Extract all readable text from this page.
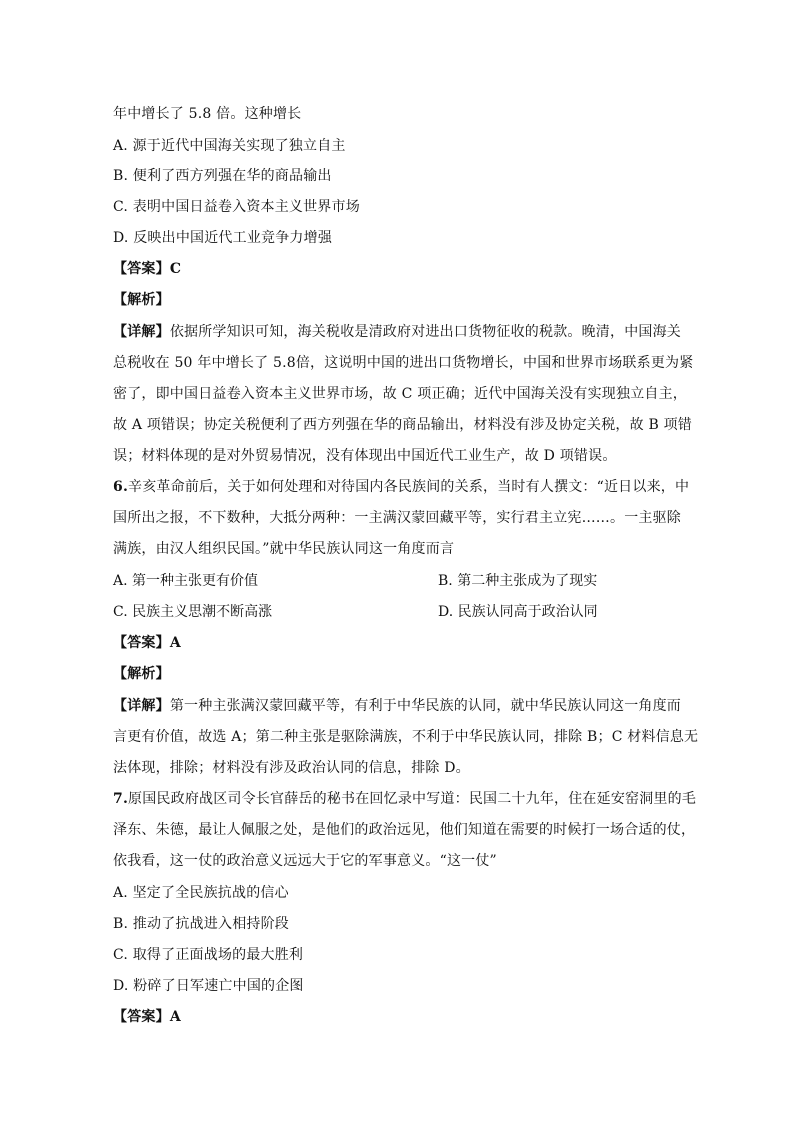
年中增长了 5.8 倍。这种增长
A. 源于近代中国海关实现了独立自主
B. 便利了西方列强在华的商品输出
C. 表明中国日益卷入资本主义世界市场
D. 反映出中国近代工业竞争力增强
【答案】C
【解析】
【详解】依据所学知识可知，海关税收是清政府对进出口货物征收的税款。晚清，中国海关
总税收在 50 年中增长了 5.8倍，这说明中国的进出口货物增长，中国和世界市场联系更为紧
密了，即中国日益卷入资本主义世界市场，故 C 项正确；近代中国海关没有实现独立自主，
故 A 项错误；协定关税便利了西方列强在华的商品输出，材料没有涉及协定关税，故 B 项错
误；材料体现的是对外贸易情况，没有体现出中国近代工业生产，故 D 项错误。
6.辛亥革命前后，关于如何处理和对待国内各民族间的关系，当时有人撰文：“近日以来，中
国所出之报，不下数种，大抵分两种：一主满汉蒙回藏平等，实行君主立宪……。一主驱除
满族，由汉人组织民国。”就中华民族认同这一角度而言
A. 第一种主张更有价值	B. 第二种主张成为了现实
C. 民族主义思潮不断高涨	D. 民族认同高于政治认同
【答案】A
【解析】
【详解】第一种主张满汉蒙回藏平等，有利于中华民族的认同，就中华民族认同这一角度而
言更有价值，故选 A；第二种主张是驱除满族，不利于中华民族认同，排除 B；C 材料信息无
法体现，排除；材料没有涉及政治认同的信息，排除 D。
7.原国民政府战区司令长官薛岳的秘书在回忆录中写道：民国二十九年，住在延安窑洞里的毛
泽东、朱德，最让人佩服之处，是他们的政治远见，他们知道在需要的时候打一场合适的仗，
依我看，这一仗的政治意义远远大于它的军事意义。“这一仗”
A. 坚定了全民族抗战的信心
B. 推动了抗战进入相持阶段
C. 取得了正面战场的最大胜利
D. 粉碎了日军速亡中国的企图
【答案】A
